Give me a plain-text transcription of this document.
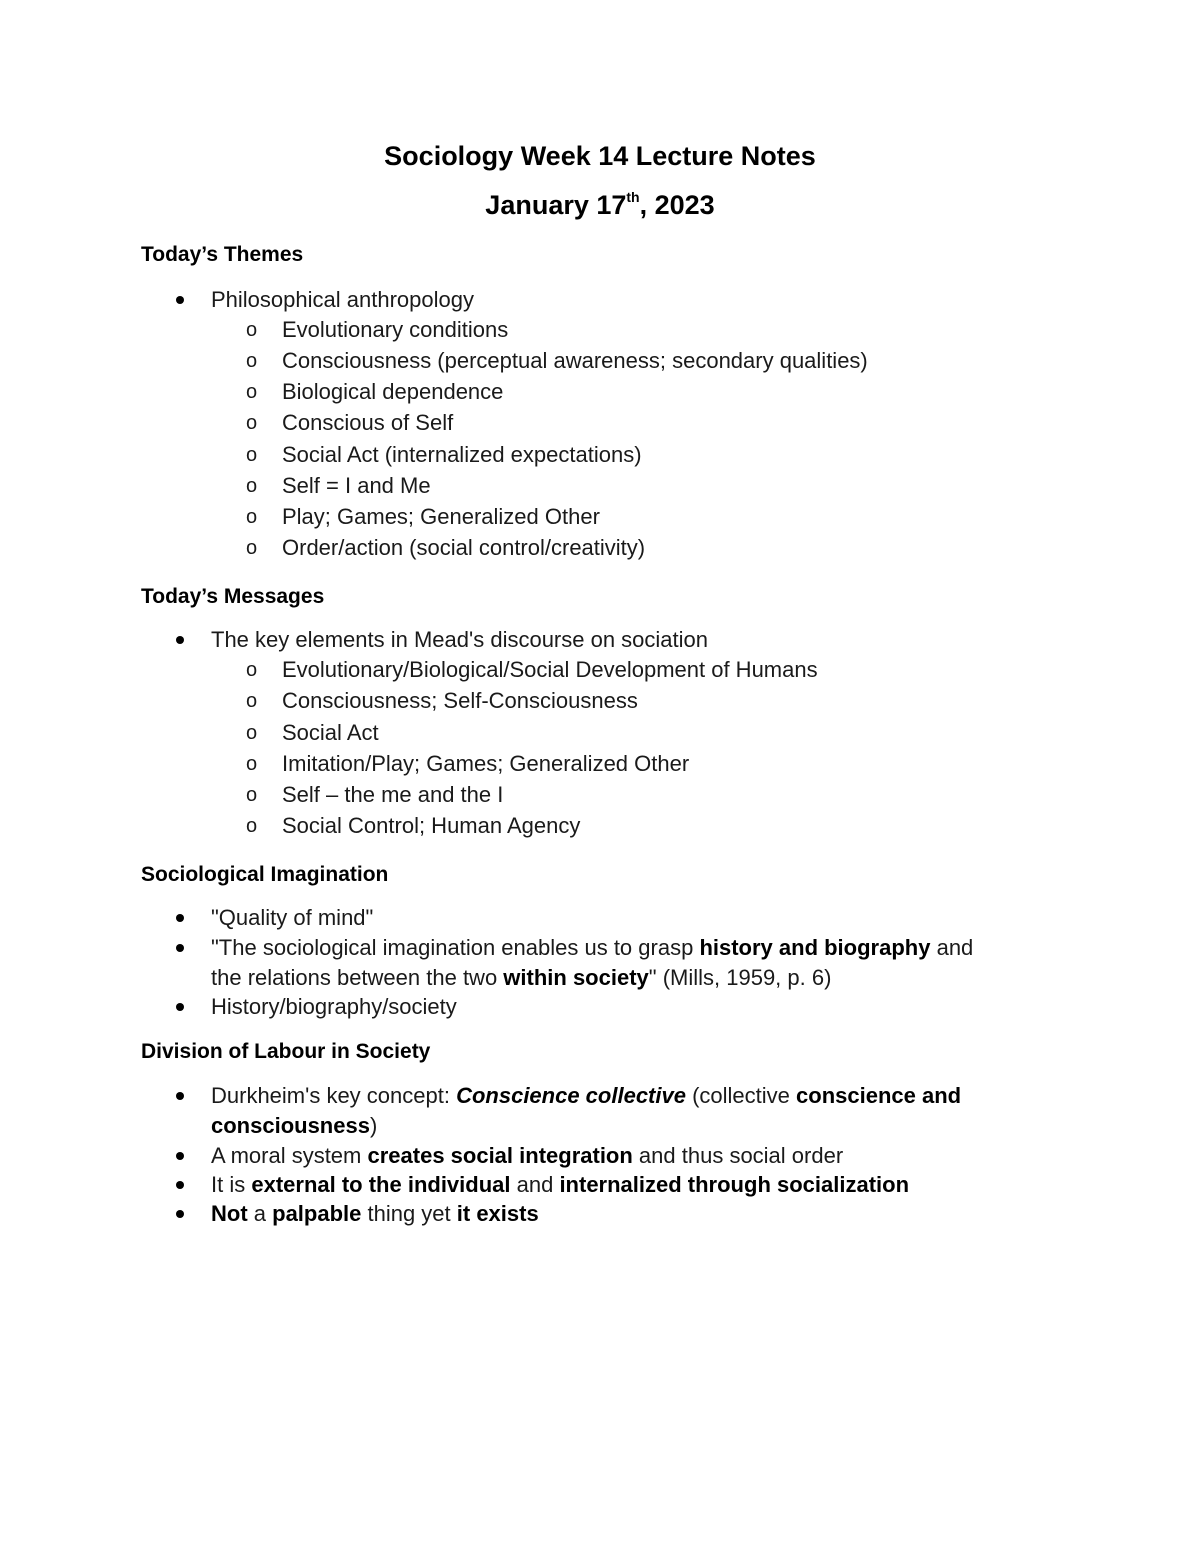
Sociology Week 14 Lecture Notes
January 17th, 2023
Today’s Themes
Philosophical anthropology
o Evolutionary conditions
o Consciousness (perceptual awareness; secondary qualities)
o Biological dependence
o Conscious of Self
o Social Act (internalized expectations)
o Self = I and Me
o Play; Games; Generalized Other
o Order/action (social control/creativity)
Today’s Messages
The key elements in Mead's discourse on sociation
o Evolutionary/Biological/Social Development of Humans
o Consciousness; Self-Consciousness
o Social Act
o Imitation/Play; Games; Generalized Other
o Self – the me and the I
o Social Control; Human Agency
Sociological Imagination
"Quality of mind"
"The sociological imagination enables us to grasp history and biography and
the relations between the two within society" (Mills, 1959, p. 6)
History/biography/society
Division of Labour in Society
Durkheim's key concept: Conscience collective (collective conscience and
consciousness)
A moral system creates social integration and thus social order
It is external to the individual and internalized through socialization
Not a palpable thing yet it exists
